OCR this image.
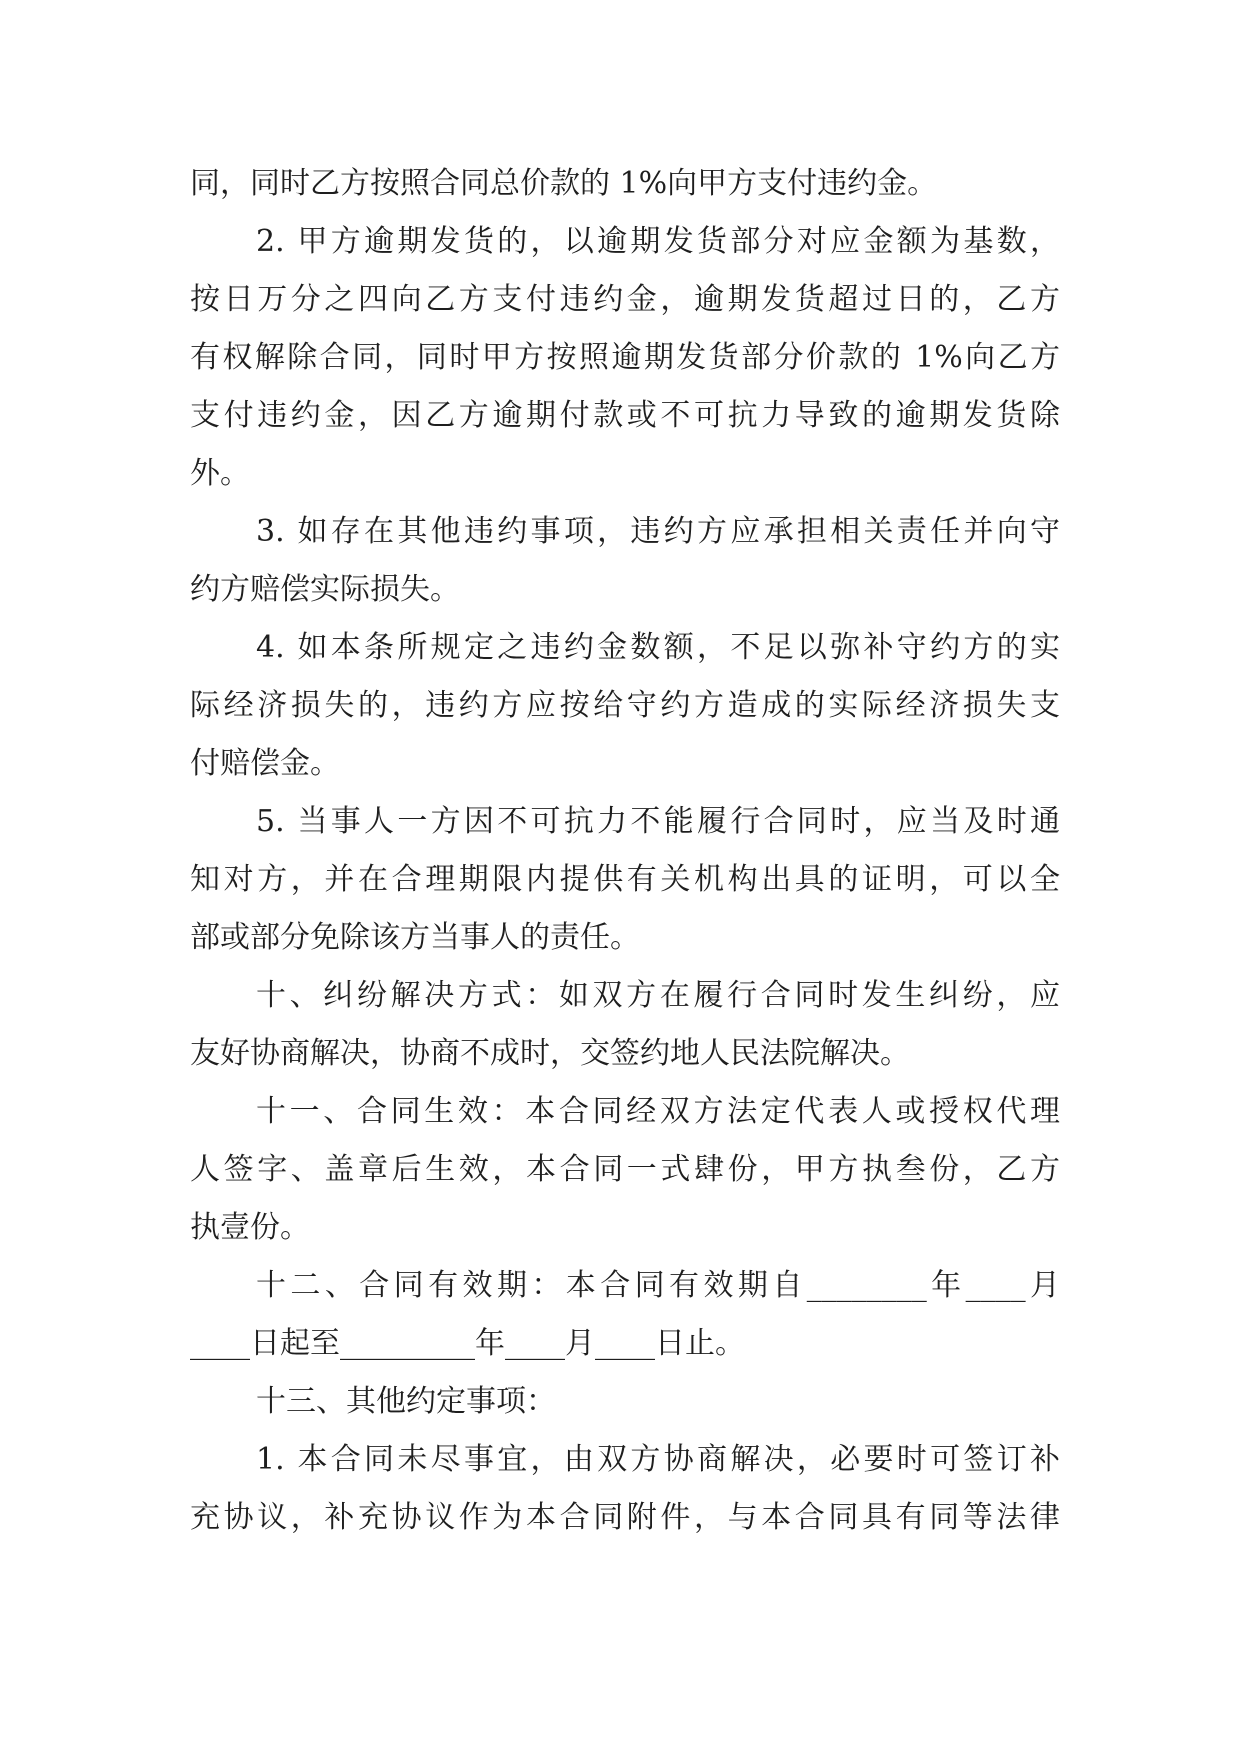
同，同时乙方按照合同总价款的 1%向甲方支付违约金。

2. 甲方逾期发货的，以逾期发货部分对应金额为基数，

按日万分之四向乙方支付违约金，逾期发货超过日的，乙方

有权解除合同，同时甲方按照逾期发货部分价款的 1%向乙方

支付违约金，因乙方逾期付款或不可抗力导致的逾期发货除

外。

3. 如存在其他违约事项，违约方应承担相关责任并向守

约方赔偿实际损失。

4. 如本条所规定之违约金数额，不足以弥补守约方的实

际经济损失的，违约方应按给守约方造成的实际经济损失支

付赔偿金。

5. 当事人一方因不可抗力不能履行合同时，应当及时通

知对方，并在合理期限内提供有关机构出具的证明，可以全

部或部分免除该方当事人的责任。

十、纠纷解决方式：如双方在履行合同时发生纠纷，应

友好协商解决，协商不成时，交签约地人民法院解决。

十一、合同生效：本合同经双方法定代表人或授权代理

人签字、盖章后生效，本合同一式肆份，甲方执叁份，乙方

执壹份。

十二、合同有效期：本合同有效期自________年____月

____日起至_________年____月____日止。

十三、其他约定事项：

1. 本合同未尽事宜，由双方协商解决，必要时可签订补

充协议，补充协议作为本合同附件，与本合同具有同等法律
